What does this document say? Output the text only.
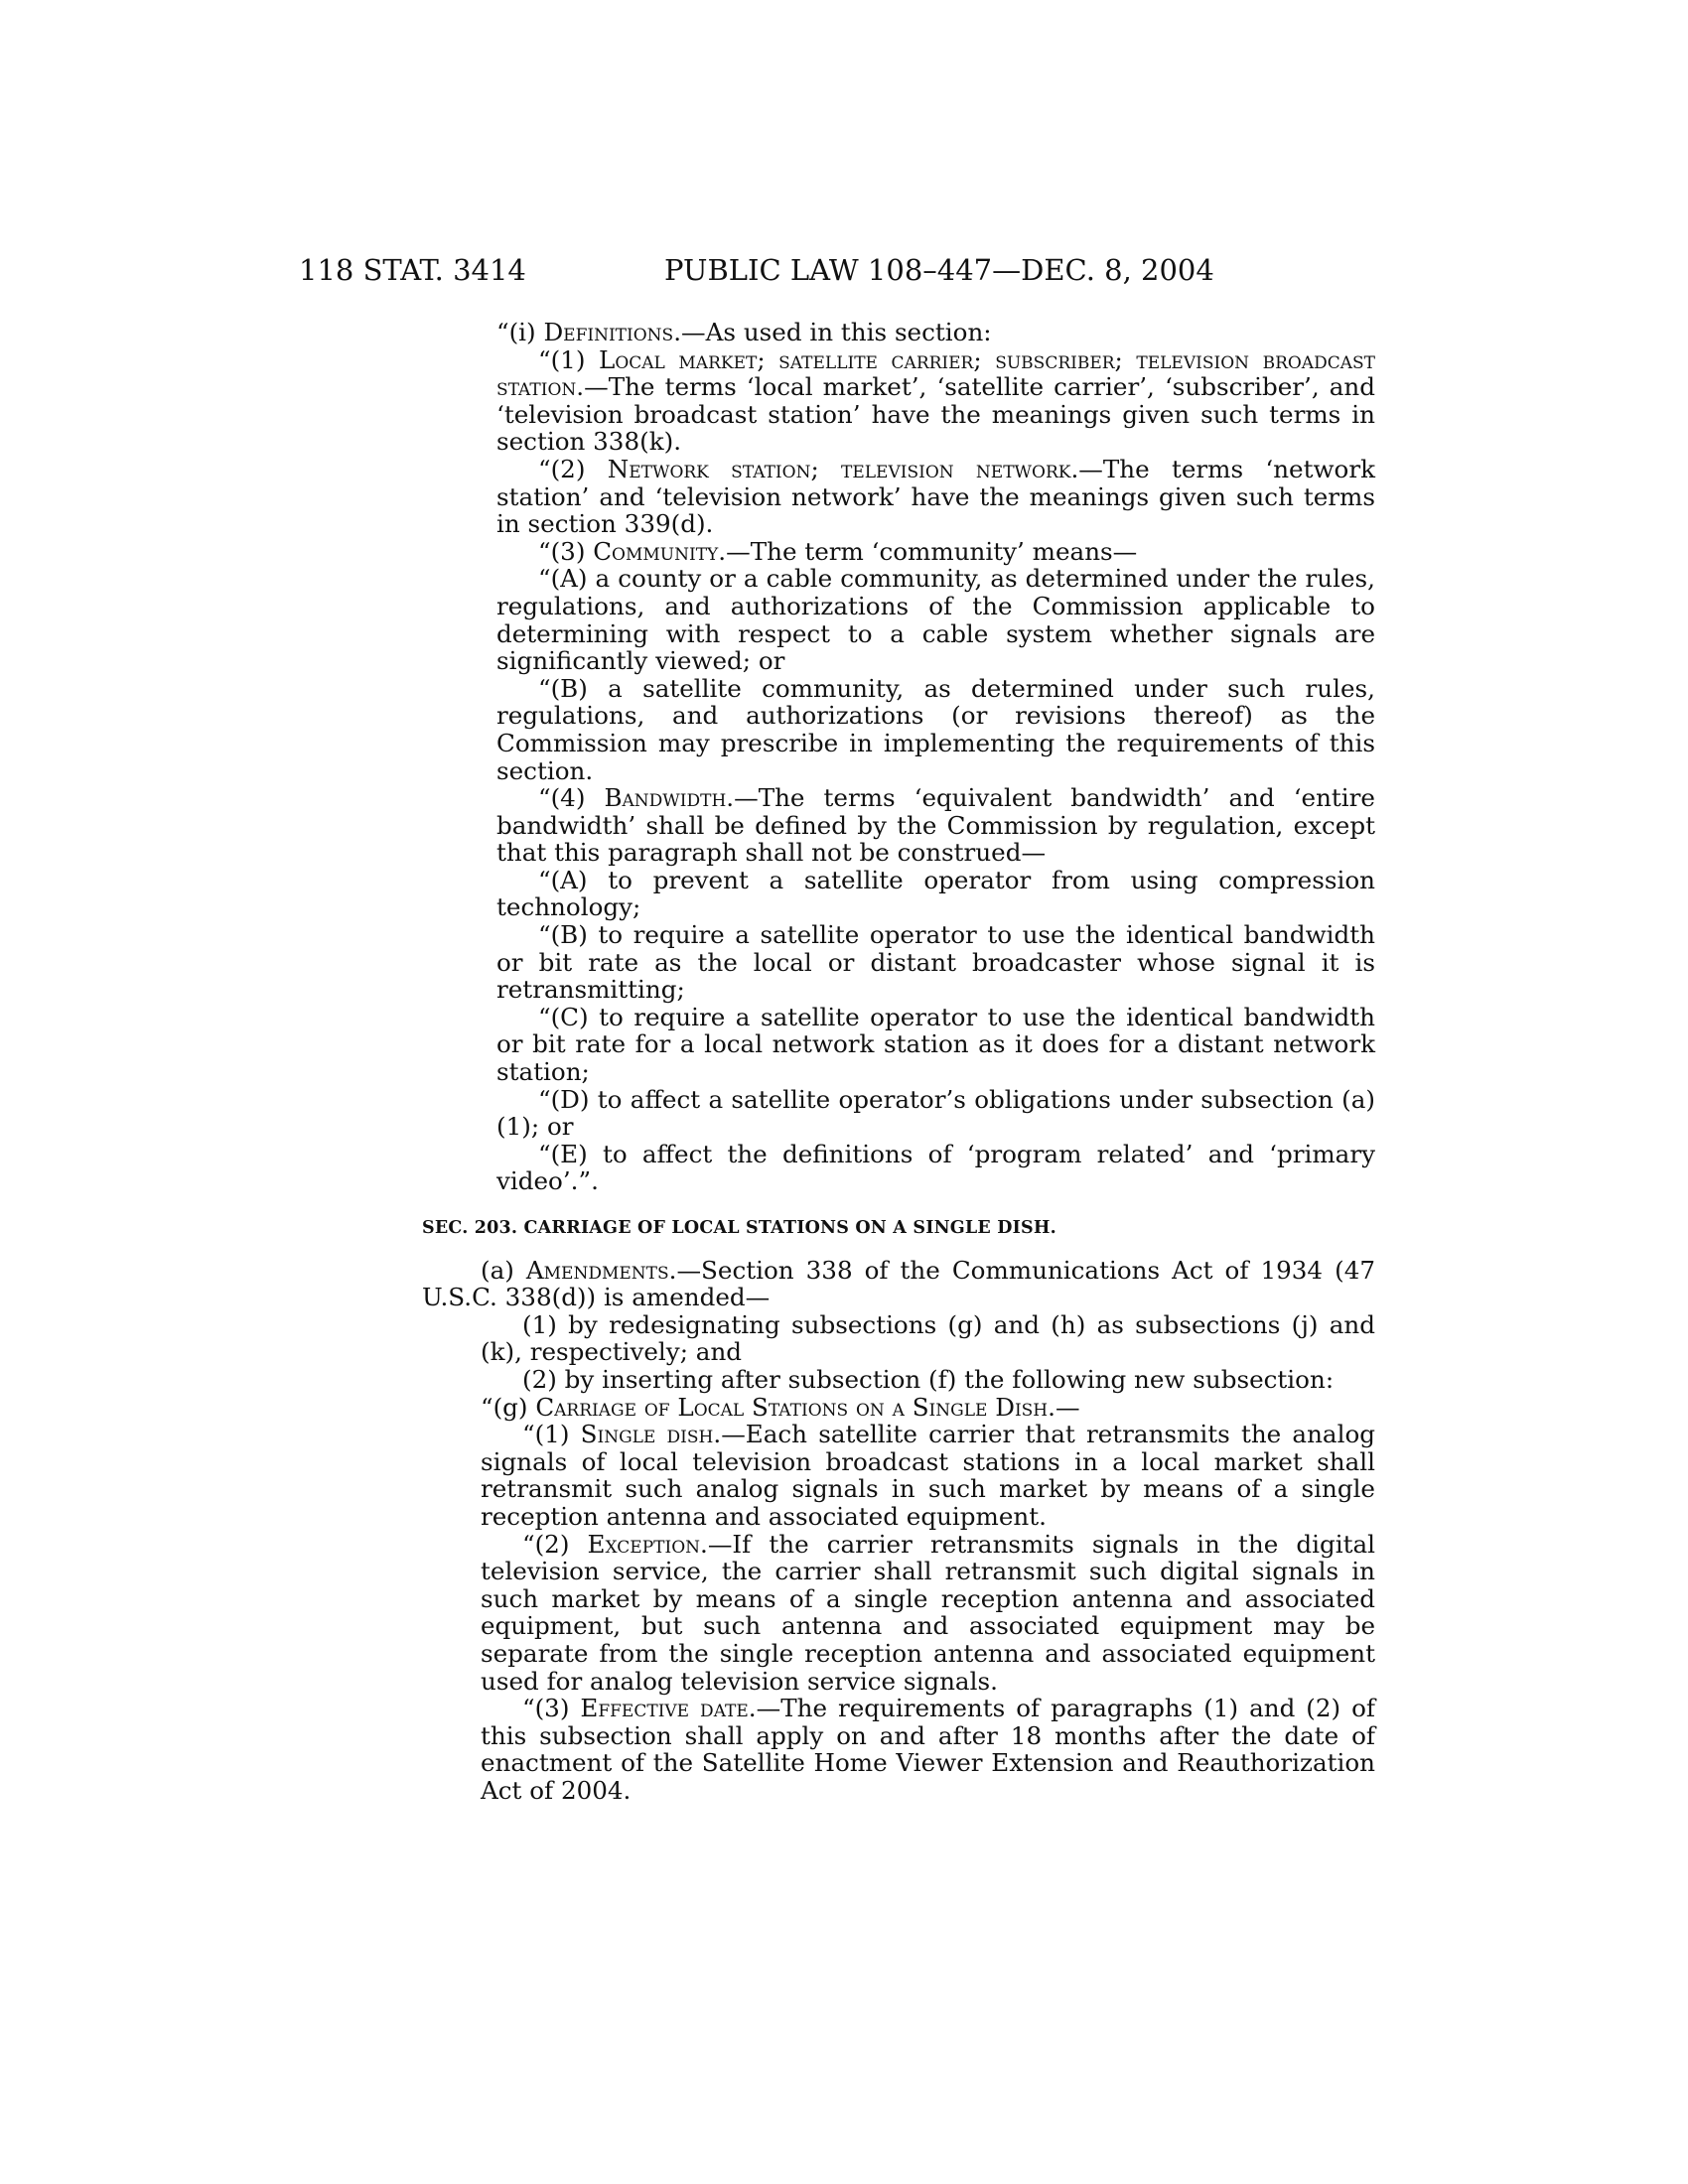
118 STAT. 3414	PUBLIC LAW 108–447—DEC. 8, 2004

“(i) Definitions.—As used in this section:

“(1) Local market; satellite carrier; subscriber; television broadcast station.—The terms ‘local market’, ‘satellite carrier’, ‘subscriber’, and ‘television broadcast station’ have the meanings given such terms in section 338(k).

“(2) Network station; television network.—The terms ‘network station’ and ‘television network’ have the meanings given such terms in section 339(d).

“(3) Community.—The term ‘community’ means—

“(A) a county or a cable community, as determined under the rules, regulations, and authorizations of the Commission applicable to determining with respect to a cable system whether signals are significantly viewed; or

“(B) a satellite community, as determined under such rules, regulations, and authorizations (or revisions thereof) as the Commission may prescribe in implementing the requirements of this section.

“(4) Bandwidth.—The terms ‘equivalent bandwidth’ and ‘entire bandwidth’ shall be defined by the Commission by regulation, except that this paragraph shall not be construed—

“(A) to prevent a satellite operator from using compression technology;

“(B) to require a satellite operator to use the identical bandwidth or bit rate as the local or distant broadcaster whose signal it is retransmitting;

“(C) to require a satellite operator to use the identical bandwidth or bit rate for a local network station as it does for a distant network station;

“(D) to affect a satellite operator’s obligations under subsection (a)(1); or

“(E) to affect the definitions of ‘program related’ and ‘primary video’.”.

SEC. 203. CARRIAGE OF LOCAL STATIONS ON A SINGLE DISH.

(a) Amendments.—Section 338 of the Communications Act of 1934 (47 U.S.C. 338(d)) is amended—

(1) by redesignating subsections (g) and (h) as subsections (j) and (k), respectively; and

(2) by inserting after subsection (f) the following new subsection:

“(g) Carriage of Local Stations on a Single Dish.—

“(1) Single dish.—Each satellite carrier that retransmits the analog signals of local television broadcast stations in a local market shall retransmit such analog signals in such market by means of a single reception antenna and associated equipment.

“(2) Exception.—If the carrier retransmits signals in the digital television service, the carrier shall retransmit such digital signals in such market by means of a single reception antenna and associated equipment, but such antenna and associated equipment may be separate from the single reception antenna and associated equipment used for analog television service signals.

“(3) Effective date.—The requirements of paragraphs (1) and (2) of this subsection shall apply on and after 18 months after the date of enactment of the Satellite Home Viewer Extension and Reauthorization Act of 2004.
